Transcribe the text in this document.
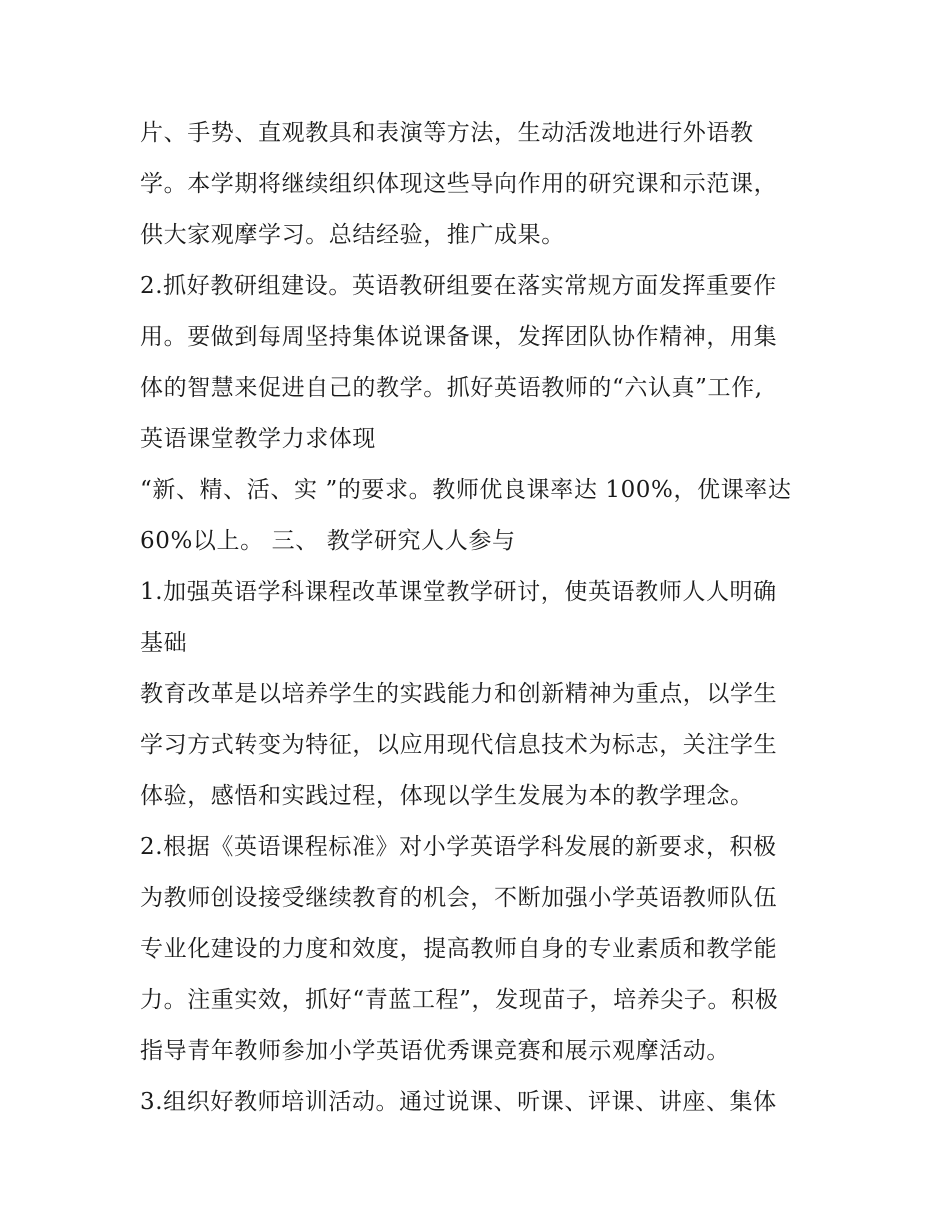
片、手势、直观教具和表演等方法，生动活泼地进行外语教
学。本学期将继续组织体现这些导向作用的研究课和示范课，
供大家观摩学习。总结经验，推广成果。
2.抓好教研组建设。英语教研组要在落实常规方面发挥重要作
用。要做到每周坚持集体说课备课，发挥团队协作精神，用集
体的智慧来促进自己的教学。抓好英语教师的“六认真”工作,
英语课堂教学力求体现
“新、精、活、实 ”的要求。教师优良课率达 100%，优课率达
60%以上。 三、 教学研究人人参与
1.加强英语学科课程改革课堂教学研讨，使英语教师人人明确
基础
教育改革是以培养学生的实践能力和创新精神为重点，以学生
学习方式转变为特征，以应用现代信息技术为标志，关注学生
体验，感悟和实践过程，体现以学生发展为本的教学理念。
2.根据《英语课程标准》对小学英语学科发展的新要求，积极
为教师创设接受继续教育的机会，不断加强小学英语教师队伍
专业化建设的力度和效度，提高教师自身的专业素质和教学能
力。注重实效，抓好“青蓝工程”，发现苗子，培养尖子。积极
指导青年教师参加小学英语优秀课竞赛和展示观摩活动。
3.组织好教师培训活动。通过说课、听课、评课、讲座、集体
